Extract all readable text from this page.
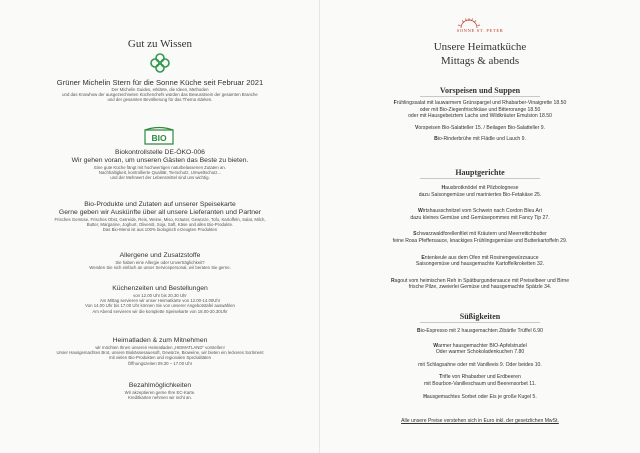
Gut zu Wissen
Grüner Michelin Stern für die Sonne Küche seit Februar 2021
Der Michelin Guides, erklärte, die Ideen, Methoden
und das Knowhow der ausgezeichneten Küchenchefs würden das Bewusstsein der gesamten Branche
und der gesamten Bevölkerung für das Thema stärken.
BIO
Biokontrollstelle DE-ÖKO-006
Wir gehen voran, um unseren Gästen das Beste zu bieten.
Eine gute Küche fängt mit hochwertigen naturbelassenen Zutaten an.
Nachhaltigkeit, kontrollierte Qualität, Tierschutz, Umweltschutz...
und der Mehrwert der Lebensmittel sind uns wichtig.
Bio-Produkte und Zutaten auf unserer Speisekarte
Gerne geben wir Auskünfte über all unsere Lieferanten und Partner
Frisches Gemüse, Frisches Obst, Getreide, Reis, Weine, Miso, Kräuter, Gewürze, Tofu, Kartoffeln, Salat, Milch,
Butter, Margarine, Joghurt, Olivenöl, Soja, Saft, Käse und alles Bio-Produkte.
Das Bio-Menü ist aus 100% biologisch erzeugten Produkten
Allergene und Zusatzstoffe
Sie haben eine Allergie oder Unverträglichkeit?
Wenden Sie sich einfach an unser Servicepersonal, wir beraten Sie gerne.
Küchenzeiten und Bestellungen
von 12.00 Uhr bis 20.30 Uhr
Am Mittag servieren wir unser Heimatkarte von 12.00-14.00Uhr
Von 14.00 Uhr bis 17.00 Uhr können Sie von unserer Angebotstafel auswählen
Am Abend servieren wir die komplette Speisekarte von 18.00-20.30Uhr
Heimatladen & zum Mitnehmen
wir möchten Ihnen unseren Heimatladen „HEIMATLAND“ vorstellen!
Unser Hausgemachtes Brot, unsere Biokässesauesoft, Gewürze, Bioweine, wir bieten ein leckeres Sortiment
mit vielen Bio-Produkten und regionalen Spezialitäten
Öffnungszeiten 09.30 – 17.00 Uhr
Bezahlmöglichkeiten
Wir akzeptieren gerne Ihre EC-Karte.
Kreditkarten nehmen wir nicht an.
SONNE ST. PETER
Unsere Heimatküche
Mittags & abends
Vorspeisen und Suppen
Frühlingssalat mit lauwarmem Grünspargel und Rhabarber-Vinaigrette 18.50
oder mit Bio-Ziegenfrischkäse und Bitterorange 18.50
oder mit Hausgebeiztem Lachs und Wildkräuter Emulsion 18.50
Vorspeisen Bio-Salatteller 15. / Beilagen Bio-Salatteller 9.
Bio-Rinderbrühe mit Flädle und Lauch 9.
Hauptgerichte
Hausbrotknödel mit Pilzbolognese
dazu Saisongemüse und mariniertes Bio-Fetakäse 25.
Wirtshausschnitzel vom Schwein nach Cordon Bleu Art
dazu kleines Gemüse und Gemüsepommes mit Fancy Tip 27.
Schwarzwaldforellenfilet mit Kräutern und Meerrettichbutter
feine Rosa Pfeffersauce, knackiges Frühlingsgemüse und Butterkartoffeln 29.
Entenkeule aus dem Ofen mit Rosinengewürzsauce
Saisongemüse und hausgemachte Kartoffelkroketten 32.
Ragout vom heimischen Reh in Spätburgundersauce mit Preiselbeer und Birne
frische Pilze, zweierlei Gemüse und hausgemachte Spätzle 34.
Süßigkeiten
Bio-Espresso mit 2 hausgemachten Zibärtle Trüffel 6.90
Warmer hausgemachter BIO-Apfelstrudel
Oder warmer Schokoladenkuchen 7.80
mit Schlagsahne oder mit Vanilleeis 9. Oder beides 10.
Trifle von Rhabarber und Erdbeeren
mit Bourbon-Vanilleschaum und Beerensorbet 11.
Hausgemachtes Sorbet oder Eis je große Kugel 5.
Alle unsere Preise verstehen sich in Euro inkl. der gesetzlichen MwSt.
